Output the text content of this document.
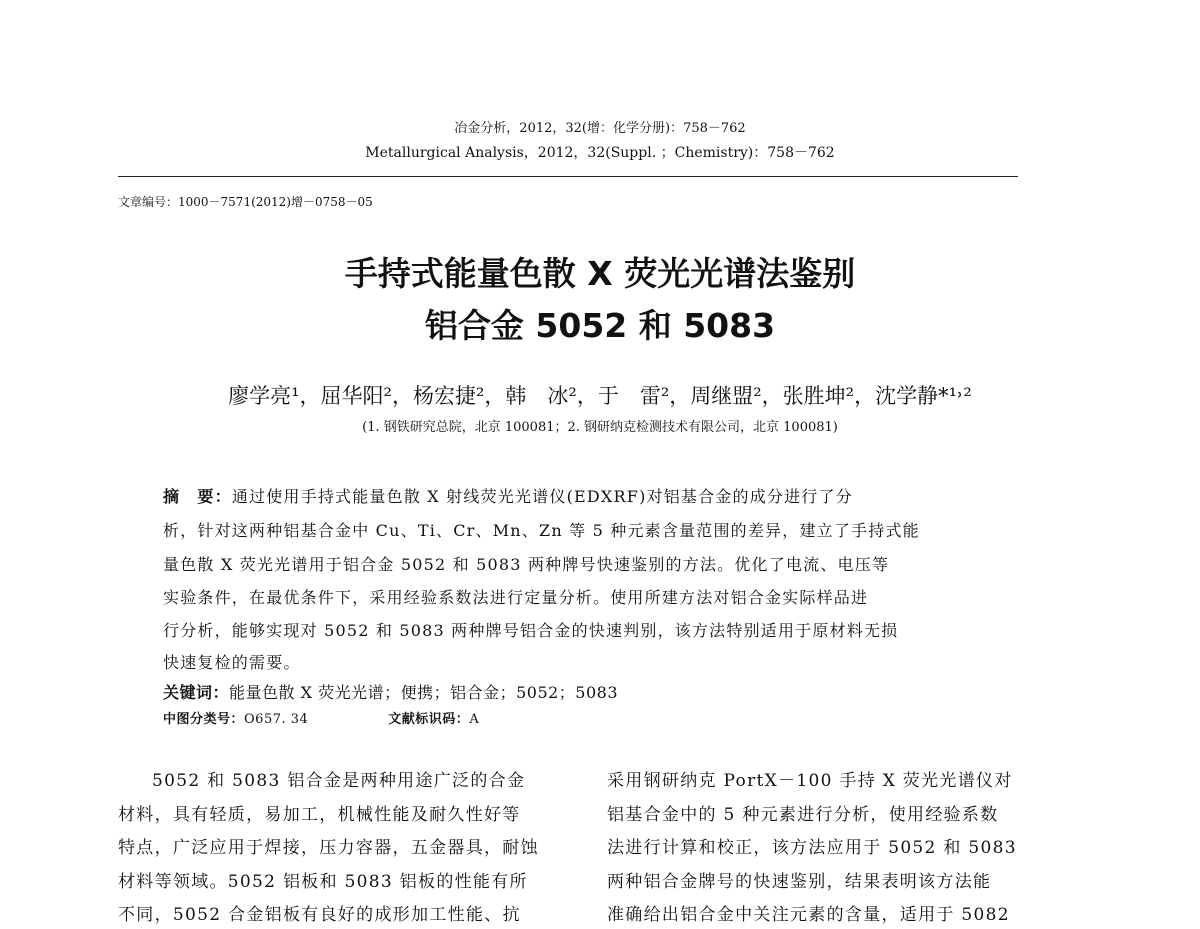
冶金分析，2012，32(增：化学分册)：758－762
Metallurgical Analysis，2012，32(Suppl. ；Chemistry)：758－762
文章编号：1000－7571(2012)增－0758－05
手持式能量色散 X 荧光光谱法鉴别
铝合金 5052 和 5083
廖学亮¹，屈华阳²，杨宏捷²，韩　冰²，于　雷²，周继盟²，张胜坤²，沈学静*¹˒²
(1. 钢铁研究总院，北京 100081；2. 钢研纳克检测技术有限公司，北京 100081)
摘　要：通过使用手持式能量色散 X 射线荧光光谱仪(EDXRF)对铝基合金的成分进行了分
析，针对这两种铝基合金中 Cu、Ti、Cr、Mn、Zn 等 5 种元素含量范围的差异，建立了手持式能
量色散 X 荧光光谱用于铝合金 5052 和 5083 两种牌号快速鉴别的方法。优化了电流、电压等
实验条件，在最优条件下，采用经验系数法进行定量分析。使用所建方法对铝合金实际样品进
行分析，能够实现对 5052 和 5083 两种牌号铝合金的快速判别，该方法特别适用于原材料无损
快速复检的需要。
关键词：能量色散 X 荧光光谱；便携；铝合金；5052；5083
中图分类号：O657. 34	文献标识码：A
5052 和 5083 铝合金是两种用途广泛的合金
材料，具有轻质，易加工，机械性能及耐久性好等
特点，广泛应用于焊接，压力容器，五金器具，耐蚀
材料等领域。5052 铝板和 5083 铝板的性能有所
不同，5052 合金铝板有良好的成形加工性能、抗
采用钢研纳克 PortX－100 手持 X 荧光光谱仪对
铝基合金中的 5 种元素进行分析，使用经验系数
法进行计算和校正，该方法应用于 5052 和 5083
两种铝合金牌号的快速鉴别，结果表明该方法能
准确给出铝合金中关注元素的含量，适用于 5082
